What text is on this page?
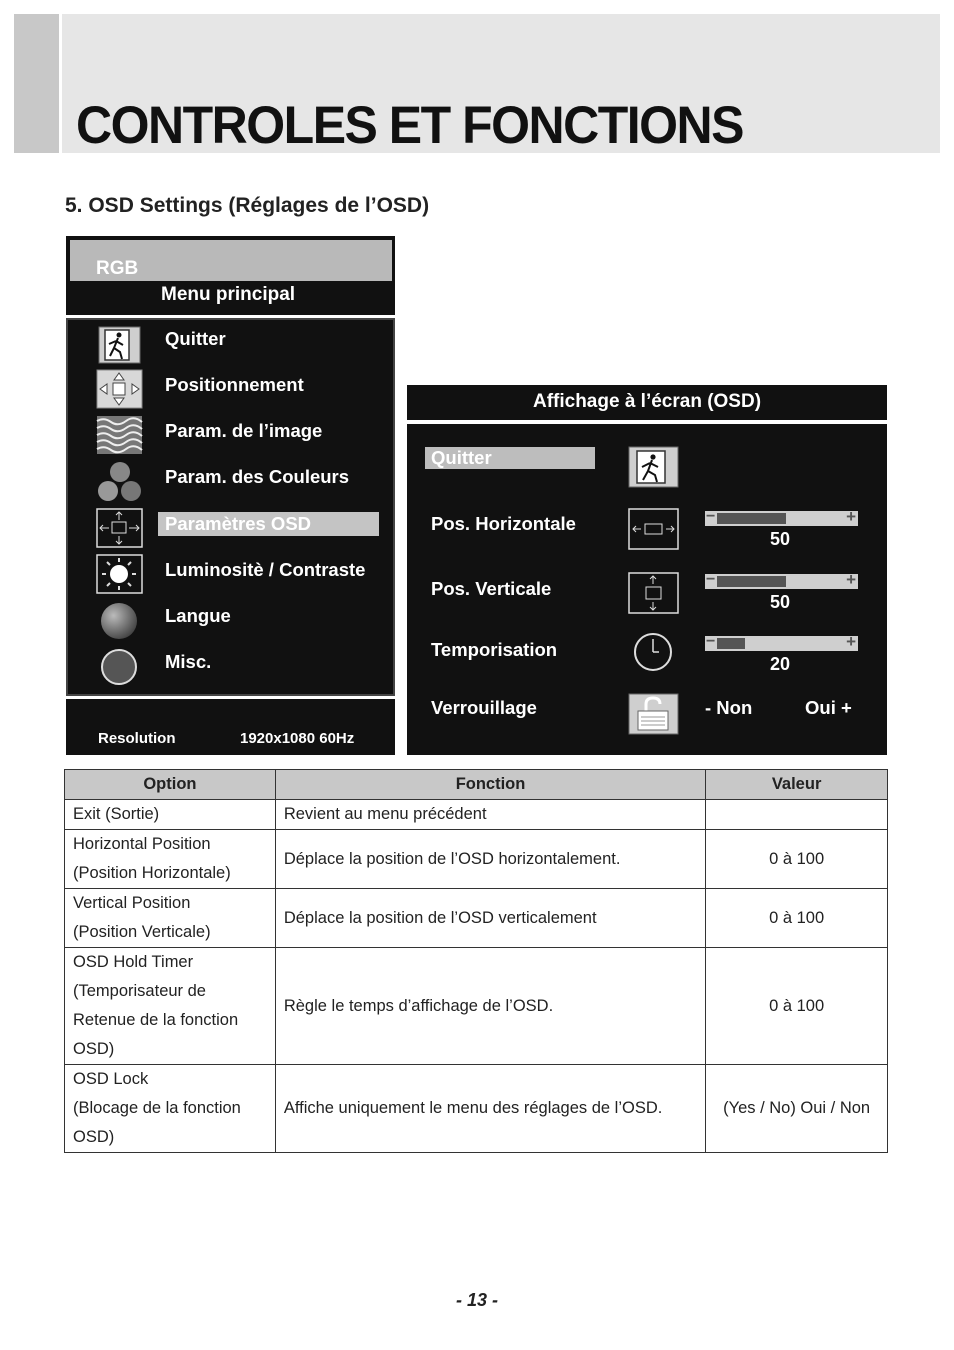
CONTROLES ET FONCTIONS
5. OSD Settings (Réglages de l’OSD)
RGB
Menu principal
Quitter
Positionnement
Param. de l’image
Param. des Couleurs
Paramètres OSD
Luminositè / Contraste
Langue
Misc.
Resolution	1920x1080 60Hz
Affichage à l’écran (OSD)
Quitter
Pos. Horizontale
Pos. Verticale
Temporisation
Verrouillage
−	+
50
−	+
50
−	+
20
- Non	Oui +
Option	Fonction	Valeur

Exit (Sortie)	Revient au menu précédent	

Horizontal Position
(Position Horizontale)	Déplace la position de l’OSD horizontalement.	0 à 100

Vertical Position
(Position Verticale)	Déplace la position de l’OSD verticalement	0 à 100

OSD Hold Timer
(Temporisateur de
Retenue de la fonction
OSD)	Règle le temps d’affichage de l’OSD.	0 à 100

OSD Lock
(Blocage de la fonction
OSD)	Affiche uniquement le menu des réglages de l’OSD.	(Yes / No) Oui / Non
- 13 -
